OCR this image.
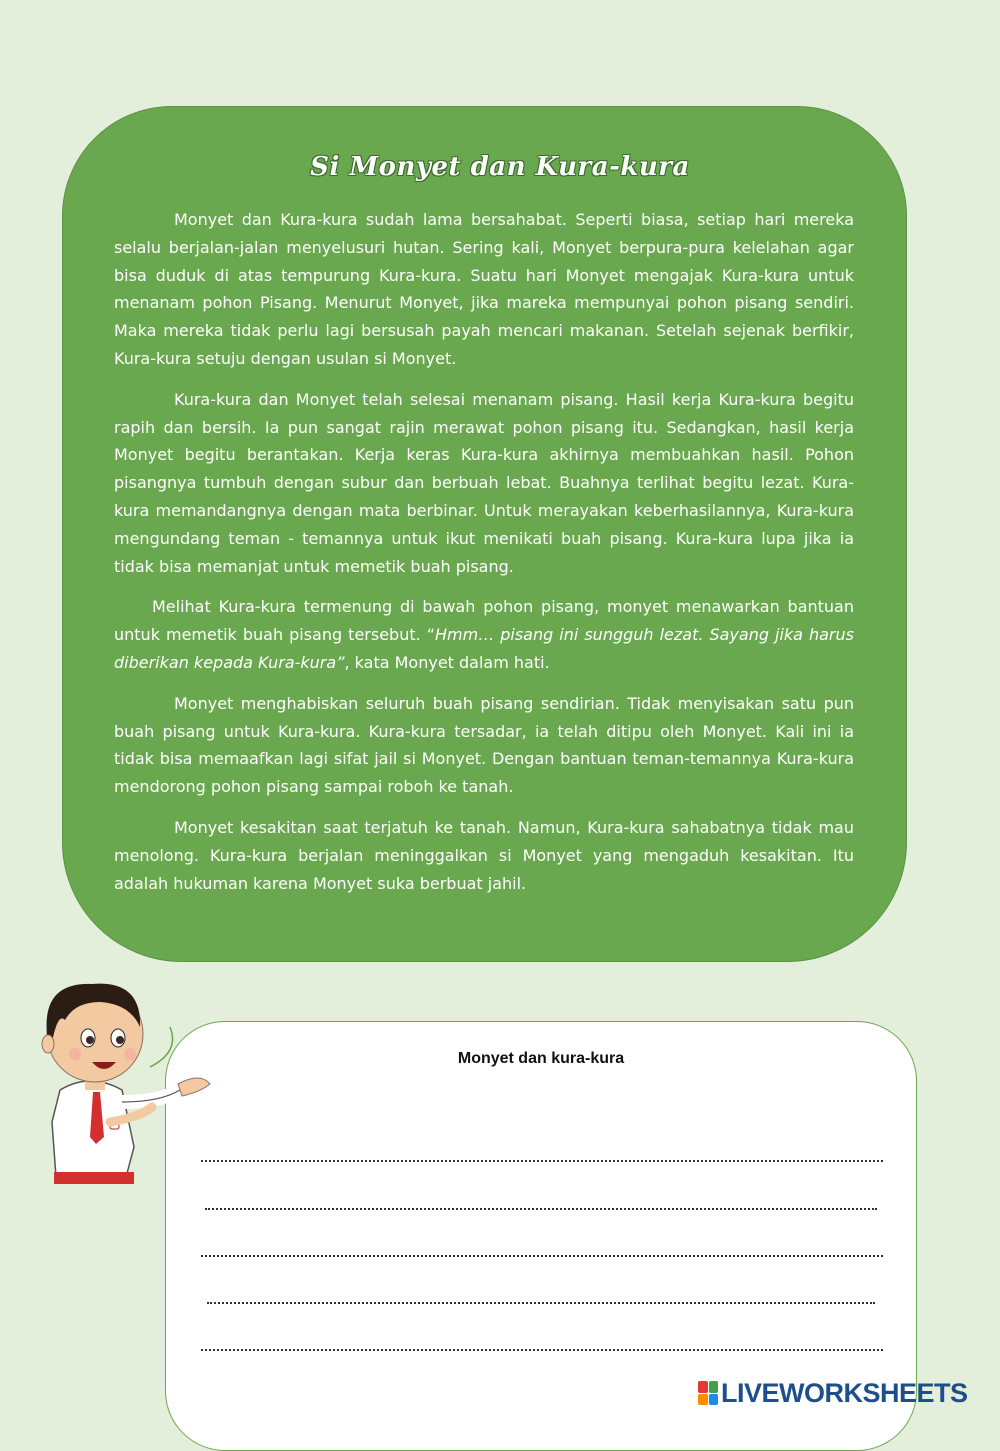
Si Monyet dan Kura-kura

Monyet dan Kura-kura sudah lama bersahabat. Seperti biasa, setiap hari mereka selalu berjalan-jalan menyelusuri hutan. Sering kali, Monyet berpura-pura kelelahan agar bisa duduk di atas tempurung Kura-kura. Suatu hari Monyet mengajak Kura-kura untuk menanam pohon Pisang. Menurut Monyet, jika mareka mempunyai pohon pisang sendiri. Maka mereka tidak perlu lagi bersusah payah mencari makanan. Setelah sejenak berfikir, Kura-kura setuju dengan usulan si Monyet.

Kura-kura dan Monyet telah selesai menanam pisang. Hasil kerja Kura-kura begitu rapih dan bersih. Ia pun sangat rajin merawat pohon pisang itu. Sedangkan, hasil kerja Monyet begitu berantakan. Kerja keras Kura-kura akhirnya membuahkan hasil. Pohon pisangnya tumbuh dengan subur dan berbuah lebat. Buahnya terlihat begitu lezat. Kura-kura memandangnya dengan mata berbinar. Untuk merayakan keberhasilannya, Kura-kura mengundang teman - temannya untuk ikut menikati buah pisang. Kura-kura lupa jika ia tidak bisa memanjat untuk memetik buah pisang.

Melihat Kura-kura termenung di bawah pohon pisang, monyet menawarkan bantuan untuk memetik buah pisang tersebut. “Hmm… pisang ini sungguh lezat. Sayang jika harus diberikan kepada Kura-kura”, kata Monyet dalam hati.

Monyet menghabiskan seluruh buah pisang sendirian. Tidak menyisakan satu pun buah pisang untuk Kura-kura. Kura-kura tersadar, ia telah ditipu oleh Monyet. Kali ini ia tidak bisa memaafkan lagi sifat jail si Monyet. Dengan bantuan teman-temannya Kura-kura mendorong pohon pisang sampai roboh ke tanah.

Monyet kesakitan saat terjatuh ke tanah. Namun, Kura-kura sahabatnya tidak mau menolong. Kura-kura berjalan meninggalkan si Monyet yang mengaduh kesakitan. Itu adalah hukuman karena Monyet suka berbuat jahil.

Monyet dan kura-kura
LIVEWORKSHEETS
